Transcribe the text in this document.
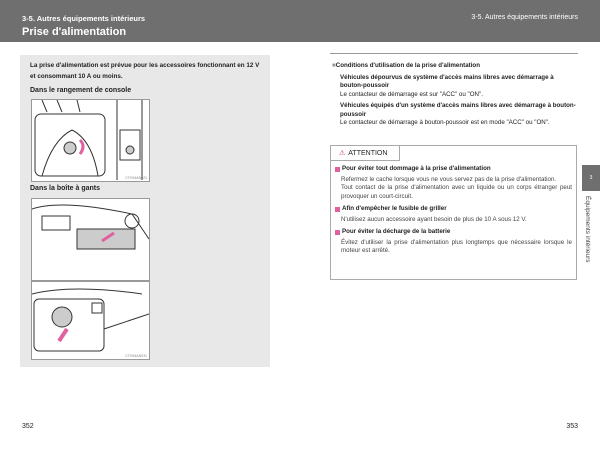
3-5. Autres équipements intérieurs
Prise d'alimentation
3-5. Autres équipements intérieurs
La prise d'alimentation est prévue pour les accessoires fonctionnant en 12 V et consommant 10 A ou moins.
Dans le rangement de console
CTH34AN021
Dans la boîte à gants
CTH34AN031
■Conditions d'utilisation de la prise d'alimentation
Véhicules dépourvus de système d'accès mains libres avec démarrage à bouton-poussoir
Le contacteur de démarrage est sur "ACC" ou "ON".
Véhicules équipés d'un système d'accès mains libres avec démarrage à bouton-poussoir
Le contacteur de démarrage à bouton-poussoir est en mode "ACC" ou "ON".
⚠ ATTENTION
Pour éviter tout dommage à la prise d'alimentation
Refermez le cache lorsque vous ne vous servez pas de la prise d'alimentation.
Tout contact de la prise d'alimentation avec un liquide ou un corps étranger peut provoquer un court-circuit.
Afin d'empêcher le fusible de griller
N'utilisez aucun accessoire ayant besoin de plus de 10 A sous 12 V.
Pour éviter la décharge de la batterie
Évitez d'utiliser la prise d'alimentation plus longtemps que nécessaire lorsque le moteur est arrêté.
3
Équipements intérieurs
352	353
